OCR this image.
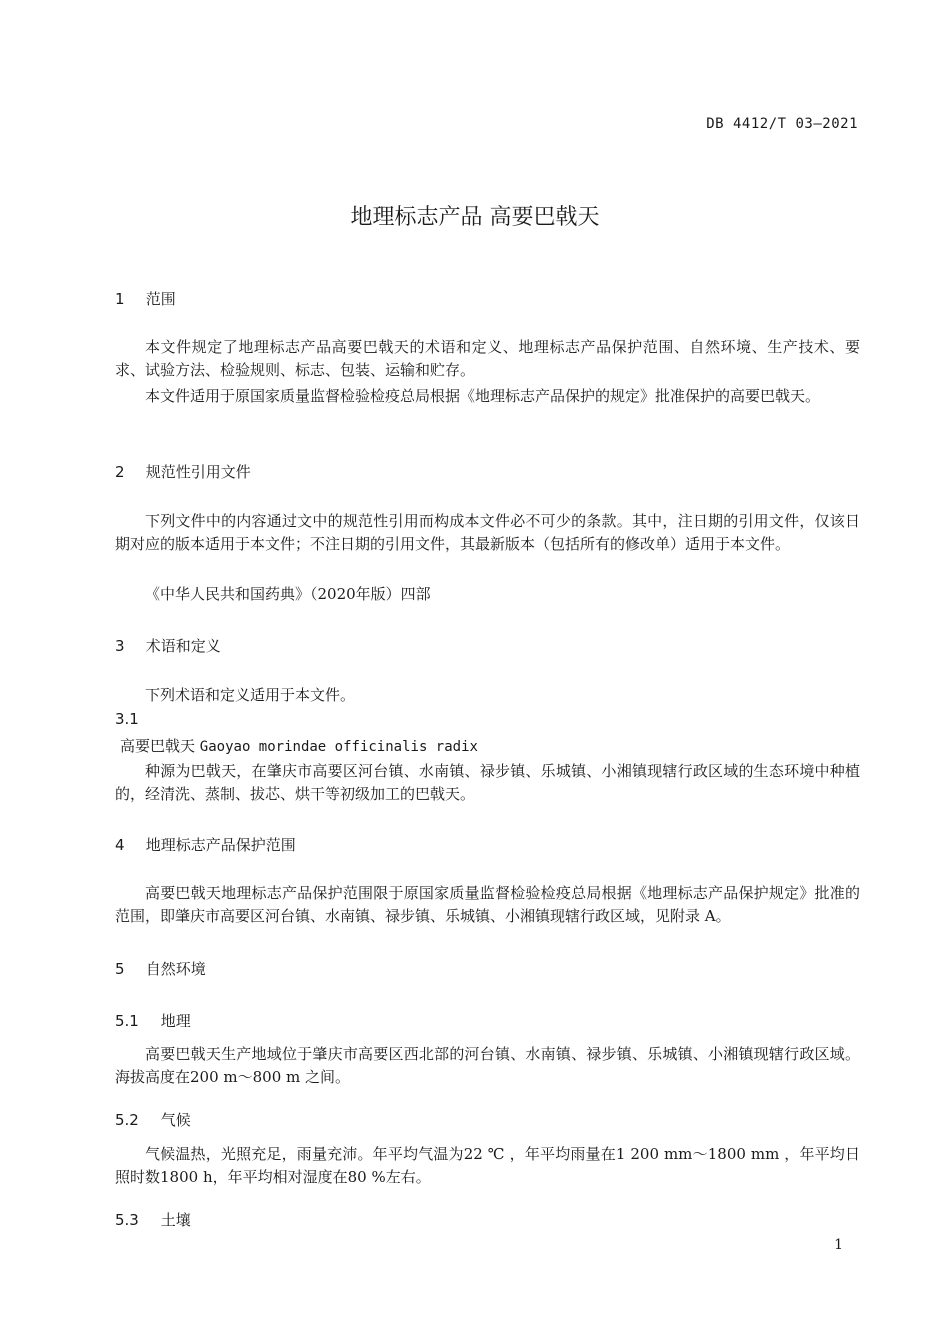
DB 4412/T 03—2021
地理标志产品 高要巴戟天
1 范围
本文件规定了地理标志产品高要巴戟天的术语和定义、地理标志产品保护范围、自然环境、生产技术、要求、试验方法、检验规则、标志、包装、运输和贮存。
本文件适用于原国家质量监督检验检疫总局根据《地理标志产品保护的规定》批准保护的高要巴戟天。
2 规范性引用文件
下列文件中的内容通过文中的规范性引用而构成本文件必不可少的条款。其中，注日期的引用文件，仅该日期对应的版本适用于本文件；不注日期的引用文件，其最新版本（包括所有的修改单）适用于本文件。
《中华人民共和国药典》（2020年版）四部
3 术语和定义
下列术语和定义适用于本文件。
3.1
高要巴戟天 Gaoyao morindae officinalis radix
种源为巴戟天，在肇庆市高要区河台镇、水南镇、禄步镇、乐城镇、小湘镇现辖行政区域的生态环境中种植的，经清洗、蒸制、拔芯、烘干等初级加工的巴戟天。
4 地理标志产品保护范围
高要巴戟天地理标志产品保护范围限于原国家质量监督检验检疫总局根据《地理标志产品保护规定》批准的范围，即肇庆市高要区河台镇、水南镇、禄步镇、乐城镇、小湘镇现辖行政区域，见附录 A。
5 自然环境
5.1 地理
高要巴戟天生产地域位于肇庆市高要区西北部的河台镇、水南镇、禄步镇、乐城镇、小湘镇现辖行政区域。海拔高度在200 m～800 m 之间。
5.2 气候
气候温热，光照充足，雨量充沛。年平均气温为22 ℃ ，年平均雨量在1 200 mm～1800 mm ，年平均日照时数1800 h，年平均相对湿度在80 %左右。
5.3 土壤
1
